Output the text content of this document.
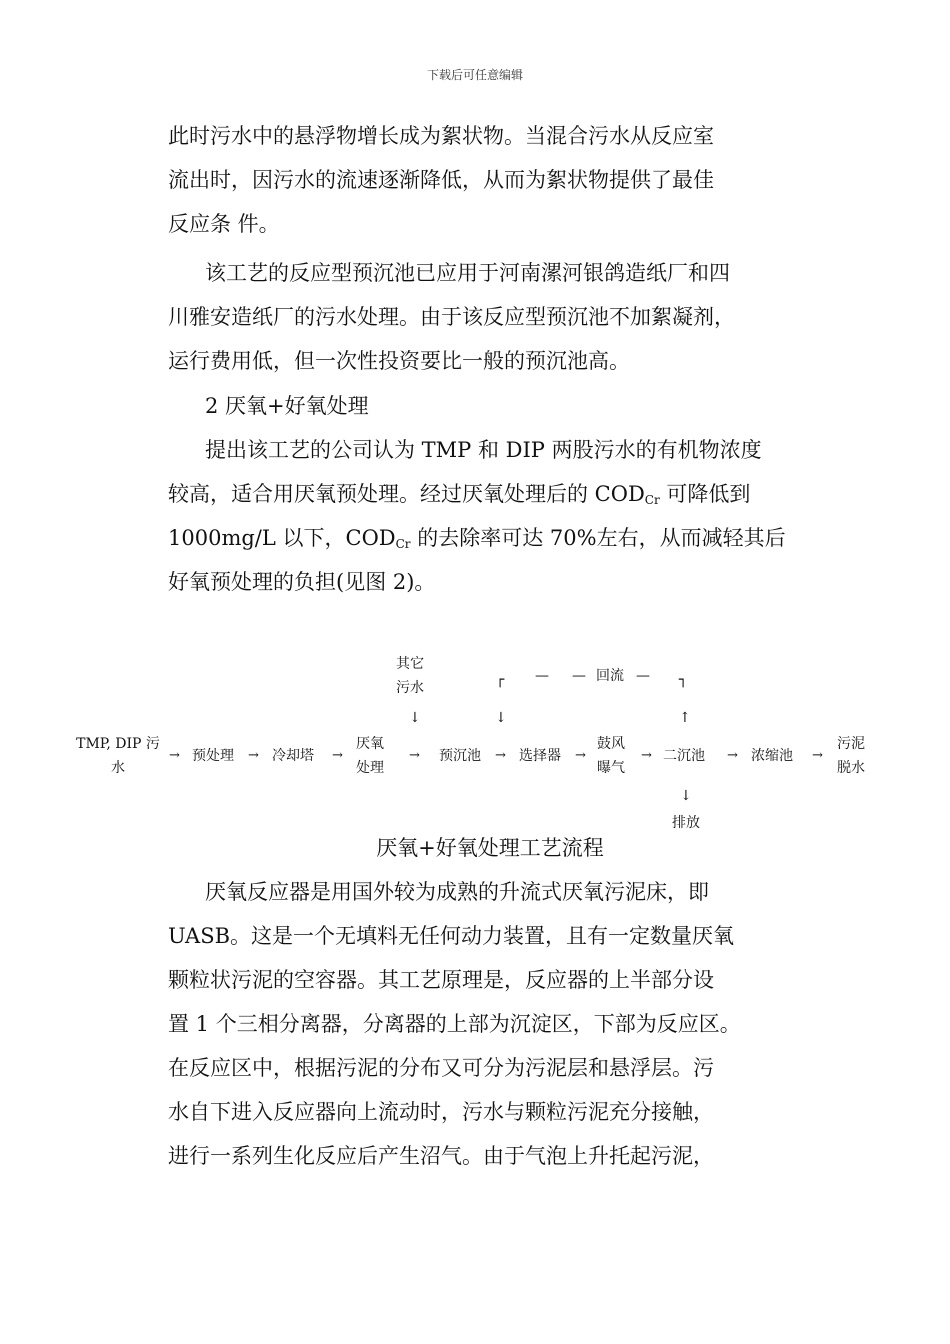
下载后可任意编辑
此时污水中的悬浮物增长成为絮状物。当混合污水从反应室
流出时，因污水的流速逐渐降低，从而为絮状物提供了最佳
反应条 件。
该工艺的反应型预沉池已应用于河南漯河银鸽造纸厂和四
川雅安造纸厂的污水处理。由于该反应型预沉池不加絮凝剂，
运行费用低，但一次性投资要比一般的预沉池高。
2 厌氧+好氧处理
提出该工艺的公司认为 TMP 和 DIP 两股污水的有机物浓度
较高，适合用厌氧预处理。经过厌氧处理后的 $COD_{Cr}$ 可降低到
1000mg/L 以下，$COD_{Cr}$ 的去除率可达 70%左右，从而减轻其后
好氧预处理的负担(见图 2)。
其它
污水
↓	↓	↑
┌ — — 回流 — ┐
TMP, DIP 污
水
→ 预处理 → 冷却塔 →
厌氧
处理
→ 预沉池 → 选择器 →
鼓风
曝气
→ 二沉池 → 浓缩池 →
污泥
脱水
↓
排放
厌氧+好氧处理工艺流程
厌氧反应器是用国外较为成熟的升流式厌氧污泥床，即
UASB。这是一个无填料无任何动力装置，且有一定数量厌氧
颗粒状污泥的空容器。其工艺原理是，反应器的上半部分设
置 1 个三相分离器，分离器的上部为沉淀区，下部为反应区。
在反应区中，根据污泥的分布又可分为污泥层和悬浮层。污
水自下进入反应器向上流动时，污水与颗粒污泥充分接触，
进行一系列生化反应后产生沼气。由于气泡上升托起污泥，
